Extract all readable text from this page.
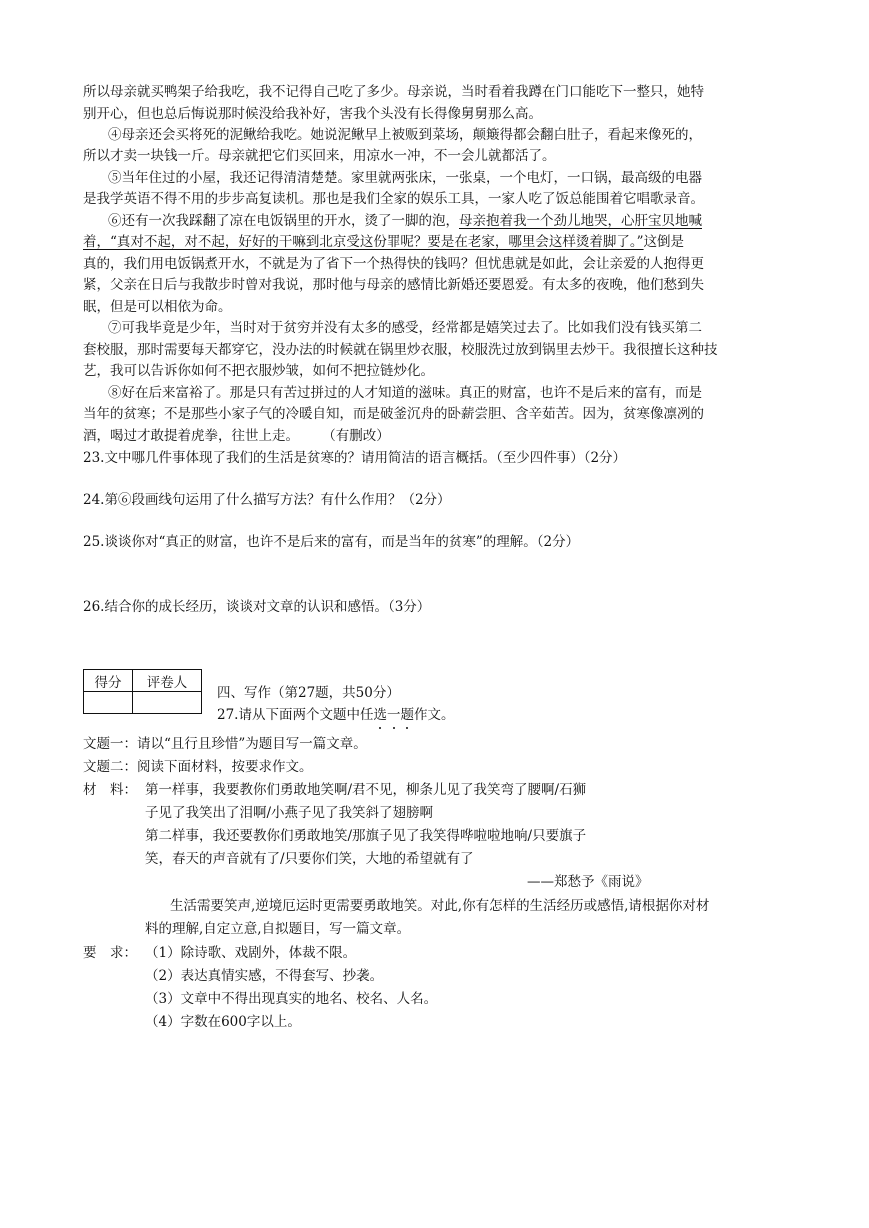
所以母亲就买鸭架子给我吃，我不记得自己吃了多少。母亲说，当时看着我蹲在门口能吃下一整只，她特
别开心，但也总后悔说那时候没给我补好，害我个头没有长得像舅舅那么高。
④母亲还会买将死的泥鳅给我吃。她说泥鳅早上被贩到菜场，颠簸得都会翻白肚子，看起来像死的，
所以才卖一块钱一斤。母亲就把它们买回来，用凉水一冲，不一会儿就都活了。
⑤当年住过的小屋，我还记得清清楚楚。家里就两张床，一张桌，一个电灯，一口锅，最高级的电器
是我学英语不得不用的步步高复读机。那也是我们全家的娱乐工具，一家人吃了饭总能围着它唱歌录音。
⑥还有一次我踩翻了凉在电饭锅里的开水，烫了一脚的泡，母亲抱着我一个劲儿地哭，心肝宝贝地喊
着，“真对不起，对不起，好好的干嘛到北京受这份罪呢？要是在老家，哪里会这样烫着脚了。”这倒是
真的，我们用电饭锅煮开水，不就是为了省下一个热得快的钱吗？但忧患就是如此，会让亲爱的人抱得更
紧，父亲在日后与我散步时曾对我说，那时他与母亲的感情比新婚还要恩爱。有太多的夜晚，他们愁到失
眠，但是可以相依为命。
⑦可我毕竟是少年，当时对于贫穷并没有太多的感受，经常都是嬉笑过去了。比如我们没有钱买第二
套校服，那时需要每天都穿它，没办法的时候就在锅里炒衣服，校服洗过放到锅里去炒干。我很擅长这种技
艺，我可以告诉你如何不把衣服炒皱，如何不把拉链炒化。
⑧好在后来富裕了。那是只有苦过拼过的人才知道的滋味。真正的财富，也许不是后来的富有，而是
当年的贫寒；不是那些小家子气的冷暖自知，而是破釜沉舟的卧薪尝胆、含辛茹苦。因为，贫寒像凛冽的
酒，喝过才敢提着虎拳，往世上走。 （有删改）
23.文中哪几件事体现了我们的生活是贫寒的？请用简洁的语言概括。（至少四件事）（2分）
24.第⑥段画线句运用了什么描写方法？有什么作用？（2分）
25.谈谈你对“真正的财富，也许不是后来的富有，而是当年的贫寒”的理解。（2分）
26.结合你的成长经历，谈谈对文章的认识和感悟。（3分）
得分	评卷人

四、写作（第27题，共50分）
27.请从下面两个文题中任选一题作文。
文题一：请以“且行且珍惜”为题目写一篇文章。
文题二：阅读下面材料，按要求作文。
材　料： 第一样事，我要教你们勇敢地笑啊/君不见，柳条儿见了我笑弯了腰啊/石狮
子见了我笑出了泪啊/小燕子见了我笑斜了翅膀啊
第二样事，我还要教你们勇敢地笑/那旗子见了我笑得哗啦啦地响/只要旗子
笑，春天的声音就有了/只要你们笑，大地的希望就有了
——郑愁予《雨说》
生活需要笑声,逆境厄运时更需要勇敢地笑。对此,你有怎样的生活经历或感悟,请根据你对材
料的理解,自定立意,自拟题目，写一篇文章。
要　求： （1）除诗歌、戏剧外，体裁不限。
（2）表达真情实感，不得套写、抄袭。
（3）文章中不得出现真实的地名、校名、人名。
（4）字数在600字以上。
